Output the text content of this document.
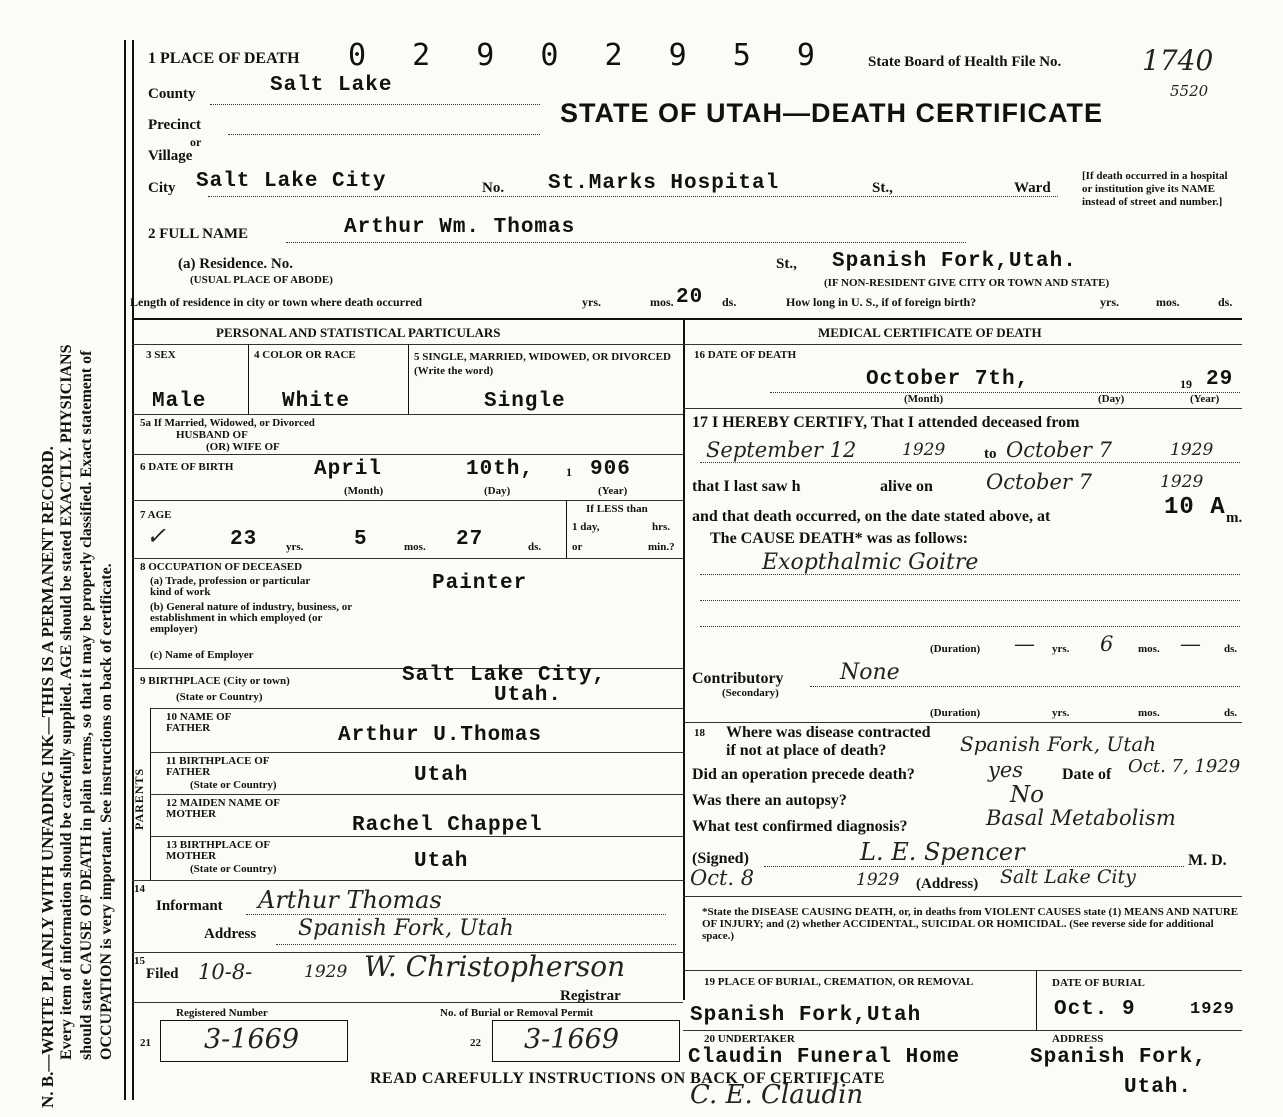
N. B.—WRITE PLAINLY WITH UNFADING INK—THIS IS A PERMANENT RECORD. Every item of information should be carefully supplied. AGE should be stated EXACTLY. PHYSICIANS should state CAUSE OF DEATH in plain terms, so that it may be properly classified. Exact statement of OCCUPATION is very important. See instructions on back of certificate.
1 PLACE OF DEATH 0 2 9 0 2 9 5 9	State Board of Health File No.	1740
5520
STATE OF UTAH—DEATH CERTIFICATE
County	Salt Lake
Precinct
or
Village
City Salt Lake City	No. St.Marks Hospital	St.,	Ward
[If death occurred in a hospital or institution give its NAME instead of street and number.]
2 FULL NAME	Arthur Wm. Thomas
(a) Residence. No.
(USUAL PLACE OF ABODE)
St., Spanish Fork,Utah.
(IF NON-RESIDENT GIVE CITY OR TOWN AND STATE)
Length of residence in city or town where death occurred	yrs.	mos. 20 ds.	How long in U. S., if of foreign birth?	yrs.	mos.	ds.
PERSONAL AND STATISTICAL PARTICULARS	MEDICAL CERTIFICATE OF DEATH
3 SEX
Male
4 COLOR OR RACE
White
5 SINGLE, MARRIED, WIDOWED, OR DIVORCED (Write the word)
Single
5a If Married, Widowed, or Divorced
HUSBAND OF
(OR) WIFE OF
6 DATE OF BIRTH	April	10th,	1 906
(Month)	(Day)	(Year)
7 AGE
✓	23	yrs. 5	mos. 27	ds.
If LESS than
1 day,	hrs.
or	min.?
8 OCCUPATION OF DECEASED
(a) Trade, profession or particular kind of work	Painter
(b) General nature of industry, business, or establishment in which employed (or employer)
(c) Name of Employer
9 BIRTHPLACE (City or town)
(State or Country)
Salt Lake City,
Utah.
PARENTS
10 NAME OF FATHER	Arthur U.Thomas
11 BIRTHPLACE OF FATHER
(State or Country)	Utah
12 MAIDEN NAME OF MOTHER	Rachel Chappel
13 BIRTHPLACE OF MOTHER
(State or Country)	Utah
14
Informant Arthur Thomas
Address Spanish Fork, Utah
15
Filed 10-8-	1929 W. Christopherson
Registrar
Registered Number	No. of Burial or Removal Permit
21 3-1669	22 3-1669
16 DATE OF DEATH
October 7th,	19 29
(Month)	(Day)	(Year)
17 I HEREBY CERTIFY, That I attended deceased from
September 12	1929	to October 7	1929
that I last saw h	alive on	October 7	1929
and that death occurred, on the date stated above, at	10 A m.
The CAUSE DEATH* was as follows:
Exopthalmic Goitre
(Duration) — yrs. 6 mos. — ds.
Contributory
(Secondary)
None
(Duration)	yrs.	mos.	ds.
18 Where was disease contracted
if not at place of death?	Spanish Fork, Utah
Did an operation precede death?	yes Date of Oct. 7, 1929
Was there an autopsy?	No
What test confirmed diagnosis?	Basal Metabolism
(Signed)	L. E. Spencer	M. D.
Oct. 8	1929 (Address) Salt Lake City
*State the DISEASE CAUSING DEATH, or, in deaths from VIOLENT CAUSES state (1) MEANS AND NATURE OF INJURY; and (2) whether ACCIDENTAL, SUICIDAL OR HOMICIDAL. (See reverse side for additional space.)
19 PLACE OF BURIAL, CREMATION, OR REMOVAL
Spanish Fork,Utah
DATE OF BURIAL
Oct. 9	1929
20 UNDERTAKER
Claudin Funeral Home
ADDRESS
Spanish Fork,
Utah.
C. E. Claudin
READ CAREFULLY INSTRUCTIONS ON BACK OF CERTIFICATE
